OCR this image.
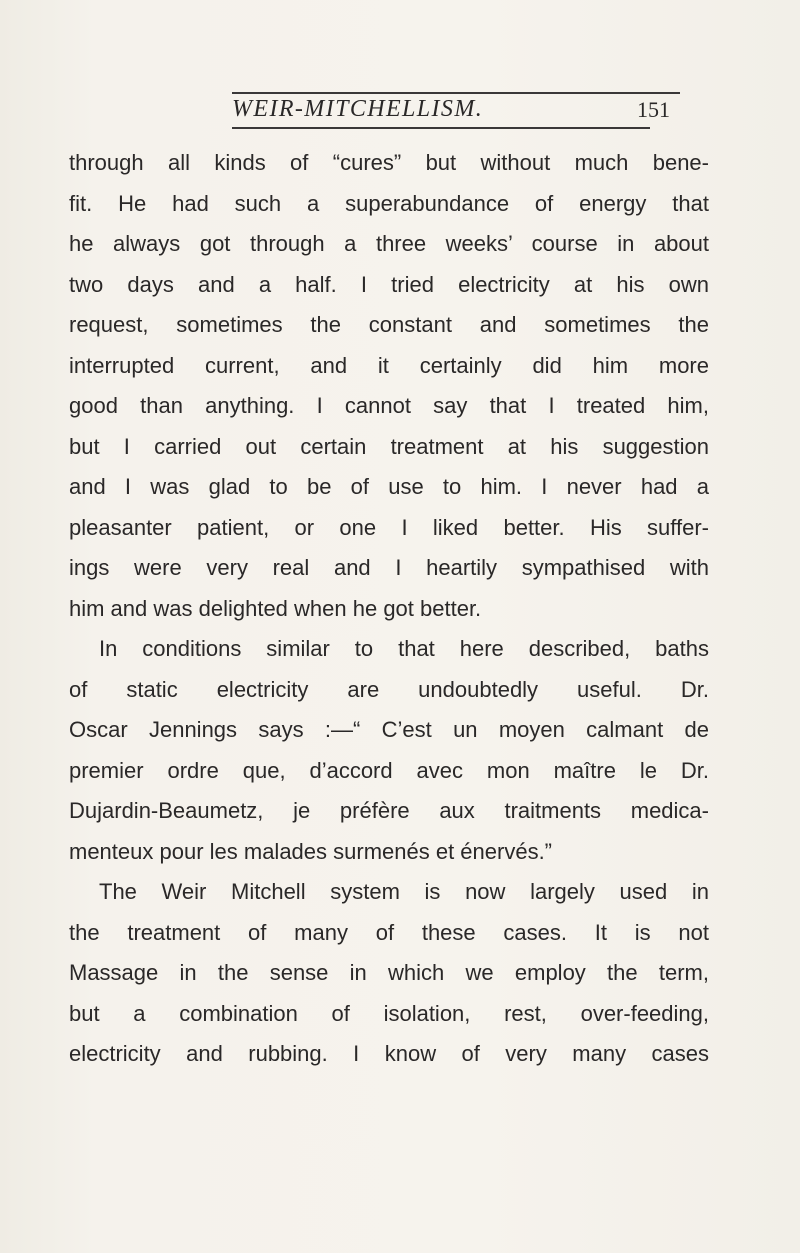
WEIR-MITCHELLISM.	151
through all kinds of “cures” but without much bene-
fit. He had such a superabundance of energy that
he always got through a three weeks’ course in about
two days and a half. I tried electricity at his own
request, sometimes the constant and sometimes the
interrupted current, and it certainly did him more
good than anything. I cannot say that I treated him,
but I carried out certain treatment at his suggestion
and I was glad to be of use to him. I never had a
pleasanter patient, or one I liked better. His suffer-
ings were very real and I heartily sympathised with
him and was delighted when he got better.
In conditions similar to that here described, baths
of static electricity are undoubtedly useful. Dr.
Oscar Jennings says :—“ C’est un moyen calmant de
premier ordre que, d’accord avec mon maître le Dr.
Dujardin-Beaumetz, je préfère aux traitments medica-
menteux pour les malades surmenés et énervés.”
The Weir Mitchell system is now largely used in
the treatment of many of these cases. It is not
Massage in the sense in which we employ the term,
but a combination of isolation, rest, over-feeding,
electricity and rubbing. I know of very many cases
